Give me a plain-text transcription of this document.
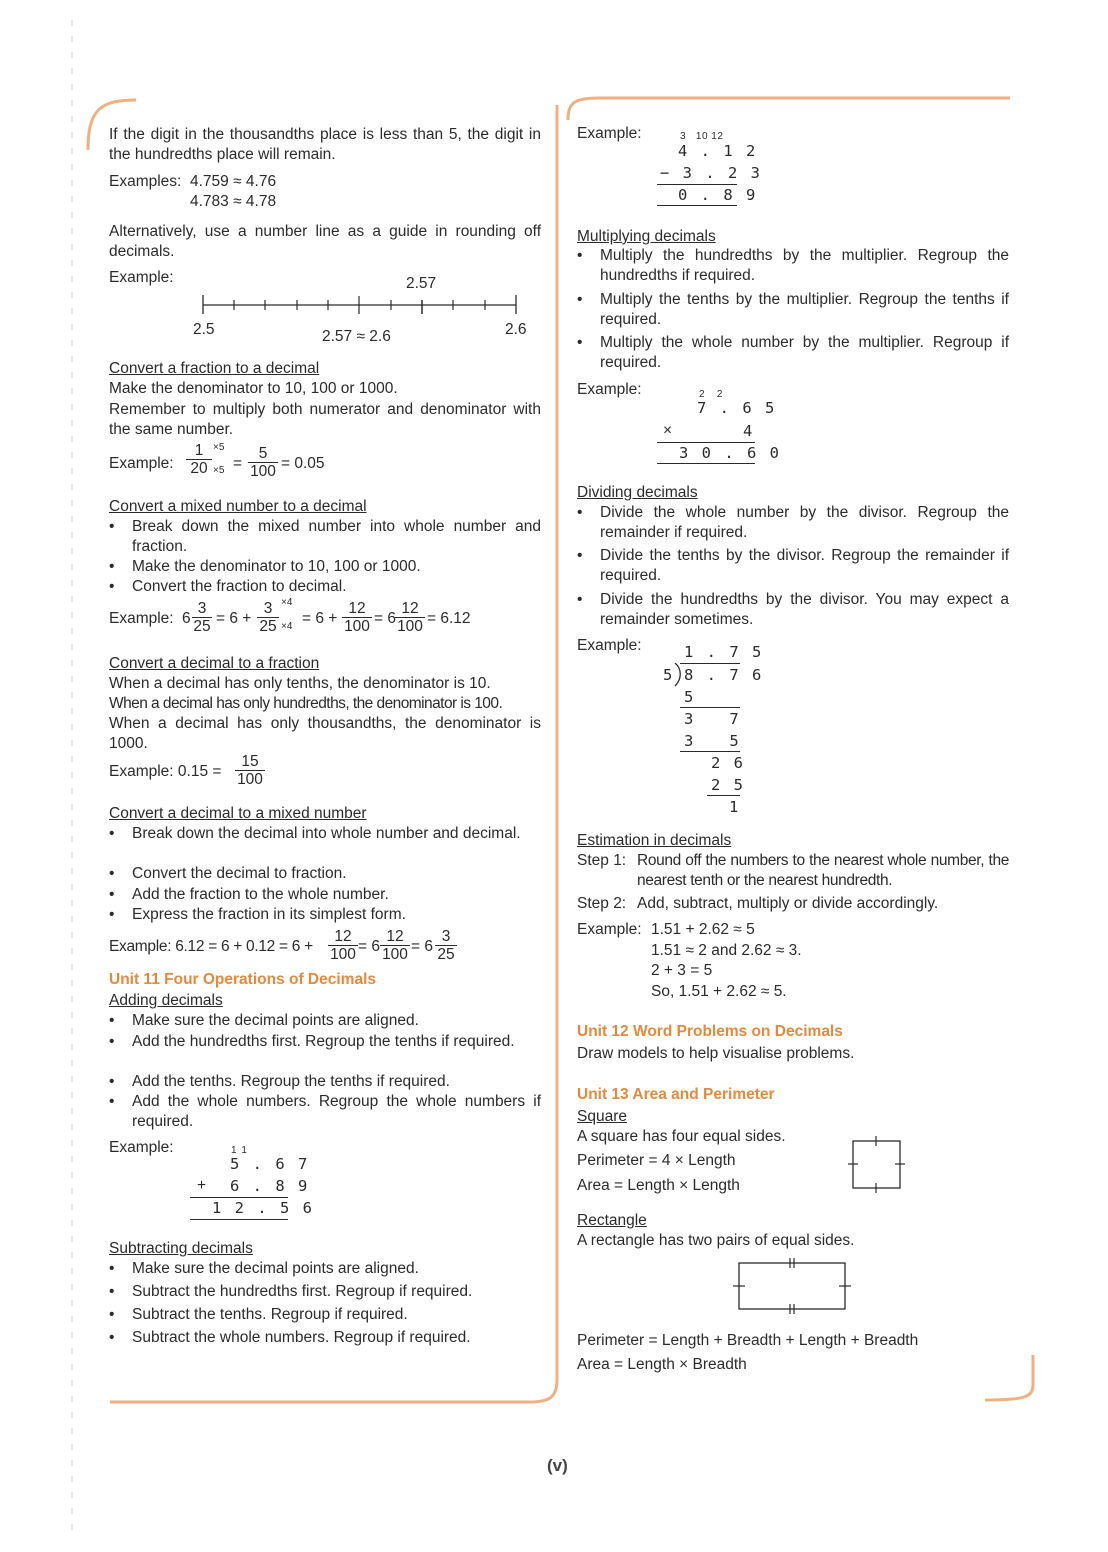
If the digit in the thousandths place is less than 5, the digit in the hundredths place will remain.
Examples: 4.759 ≈ 4.76
4.783 ≈ 4.78
Alternatively, use a number line as a guide in rounding off decimals.
Example:	2.57
2.5	2.57 ≈ 2.6	2.6
Convert a fraction to a decimal
Make the denominator to 10, 100 or 1000.
Remember to multiply both numerator and denominator with the same number.
Example: $\frac{1}{20} \times 5$
$\times 5 = \frac{5}{100} = 0.05$
Convert a mixed number to a decimal
• Break down the mixed number into whole number and fraction.
• Make the denominator to 10, 100 or 1000.
• Convert the fraction to decimal.
Example: $6 \frac{3}{25} = 6 + \frac{3}{25} \times 4$
$\times 4 = 6 + \frac{12}{100} = 6 \frac{12}{100} = 6.12$
Convert a decimal to a fraction
When a decimal has only tenths, the denominator is 10.
When a decimal has only hundredths, the denominator is 100.
When a decimal has only thousandths, the denominator is 1000.
Example: $0.15 = \frac{15}{100}$
Convert a decimal to a mixed number
• Break down the decimal into whole number and decimal.
• Convert the decimal to fraction.
• Add the fraction to the whole number.
• Express the fraction in its simplest form.
Example: $6.12 = 6 + 0.12 = 6 + \frac{12}{100} = 6 \frac{12}{100} = 6 \frac{3}{25}$
Unit 11 Four Operations of Decimals
Adding decimals
• Make sure the decimal points are aligned.
• Add the hundredths first. Regroup the tenths if required.
• Add the tenths. Regroup the tenths if required.
• Add the whole numbers. Regroup the whole numbers if required.
Example:	1 1
5 . 6 7
+ 6 . 8 9
1 2 . 5 6
Subtracting decimals
• Make sure the decimal points are aligned.
• Subtract the hundredths first. Regroup if required.
• Subtract the tenths. Regroup if required.
• Subtract the whole numbers. Regroup if required.
Example:	3   10 12
4 . 1 2
− 3 . 2 3
0 . 8 9
Multiplying decimals
• Multiply the hundredths by the multiplier. Regroup the hundredths if required.
• Multiply the tenths by the multiplier. Regroup the tenths if required.
• Multiply the whole number by the multiplier. Regroup if required.
Example:	2   2
7 . 6 5
×	4
3 0 . 6 0
Dividing decimals
• Divide the whole number by the divisor. Regroup the remainder if required.
• Divide the tenths by the divisor. Regroup the remainder if required.
• Divide the hundredths by the divisor. You may expect a remainder sometimes.
Example:	1 . 7 5
5 8 . 7 6
5
3   7
3   5
2 6
2 5
1
Estimation in decimals
Step 1: Round off the numbers to the nearest whole number, the nearest tenth or the nearest hundredth.
Step 2: Add, subtract, multiply or divide accordingly.
Example: 1.51 + 2.62 ≈ 5
1.51 ≈ 2 and 2.62 ≈ 3.
2 + 3 = 5
So, 1.51 + 2.62 ≈ 5.
Unit 12 Word Problems on Decimals
Draw models to help visualise problems.
Unit 13 Area and Perimeter
Square
A square has four equal sides.
Perimeter = 4 × Length
Area = Length × Length
Rectangle
A rectangle has two pairs of equal sides.
Perimeter = Length + Breadth + Length + Breadth
Area = Length × Breadth
(v)
